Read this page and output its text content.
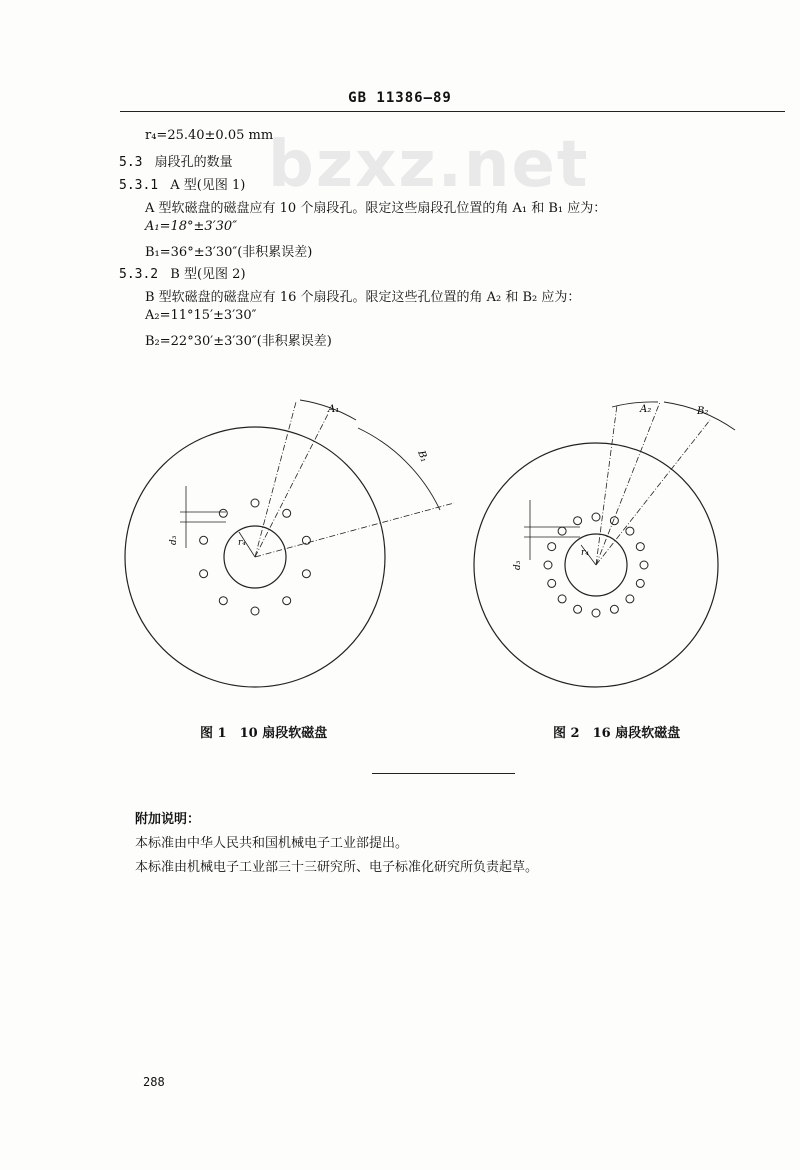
GB 11386—89
bzxz.net
r₄=25.40±0.05 mm
5.3 扇段孔的数量
5.3.1 A 型(见图 1)
A 型软磁盘的磁盘应有 10 个扇段孔。限定这些扇段孔位置的角 A₁ 和 B₁ 应为：
A₁=18°±3′30″
B₁=36°±3′30″(非积累误差)
5.3.2 B 型(见图 2)
B 型软磁盘的磁盘应有 16 个扇段孔。限定这些孔位置的角 A₂ 和 B₂ 应为：
A₂=11°15′±3′30″
B₂=22°30′±3′30″(非积累误差)
A₁
B₁
r₄
d₃
A₂	B₂
r₄
d₃
图 1　10 扇段软磁盘	图 2　16 扇段软磁盘
附加说明：
本标准由中华人民共和国机械电子工业部提出。
本标准由机械电子工业部三十三研究所、电子标准化研究所负责起草。
288
